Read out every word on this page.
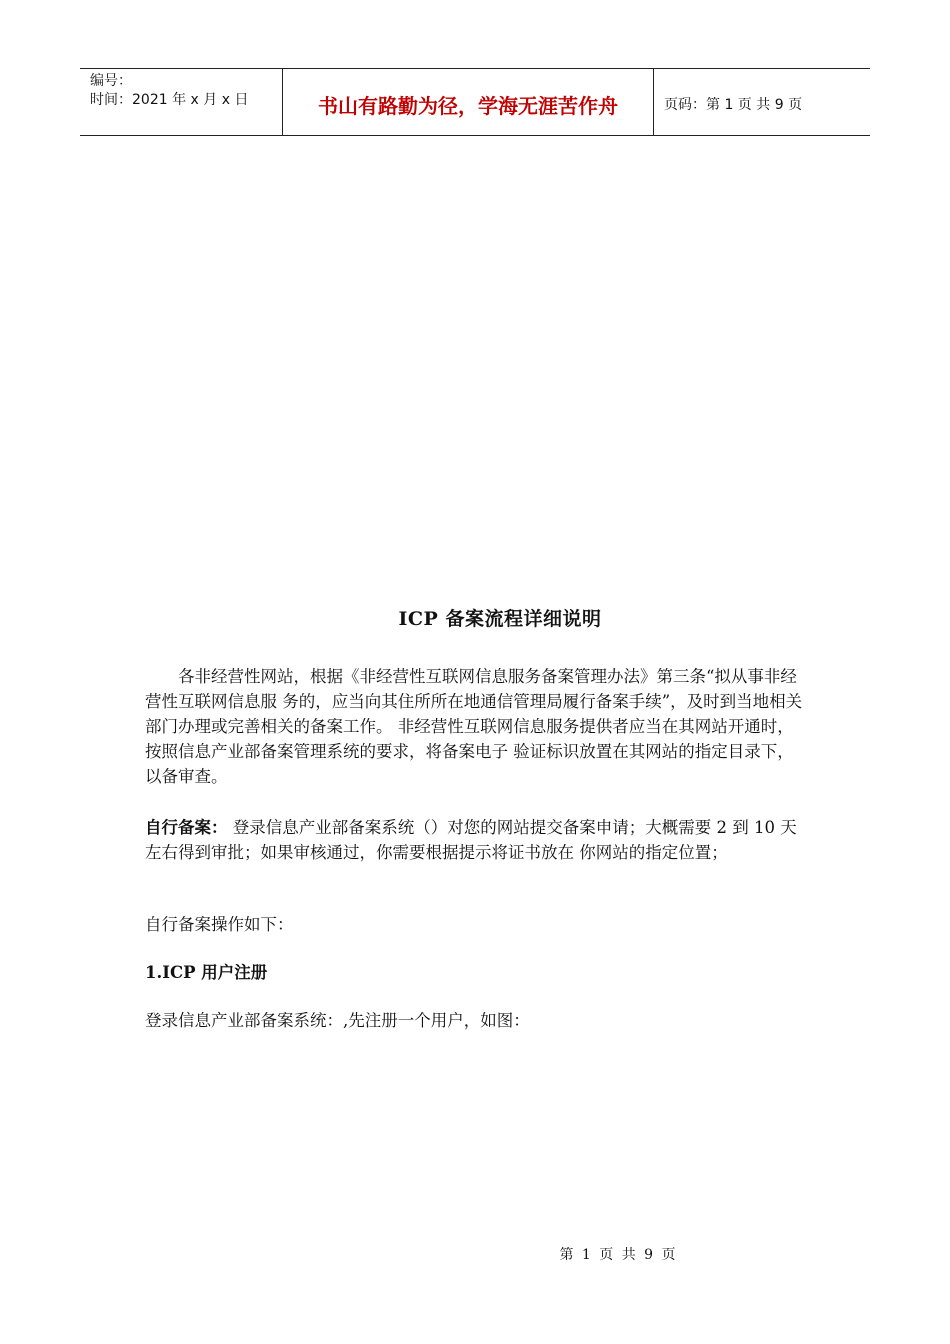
编号：
时间：2021 年 x 月 x 日	书山有路勤为径，学海无涯苦作舟	页码：第 1 页 共 9 页
ICP 备案流程详细说明
各非经营性网站，根据《非经营性互联网信息服务备案管理办法》第三条“拟从事非经营性互联网信息服 务的，应当向其住所所在地通信管理局履行备案手续”，及时到当地相关部门办理或完善相关的备案工作。 非经营性互联网信息服务提供者应当在其网站开通时，按照信息产业部备案管理系统的要求，将备案电子 验证标识放置在其网站的指定目录下，以备审查。
自行备案： 登录信息产业部备案系统（）对您的网站提交备案申请；大概需要 2 到 10 天左右得到审批；如果审核通过，你需要根据提示将证书放在 你网站的指定位置；
自行备案操作如下：
1.ICP 用户注册
登录信息产业部备案系统：,先注册一个用户，如图：
第 1 页 共 9 页
